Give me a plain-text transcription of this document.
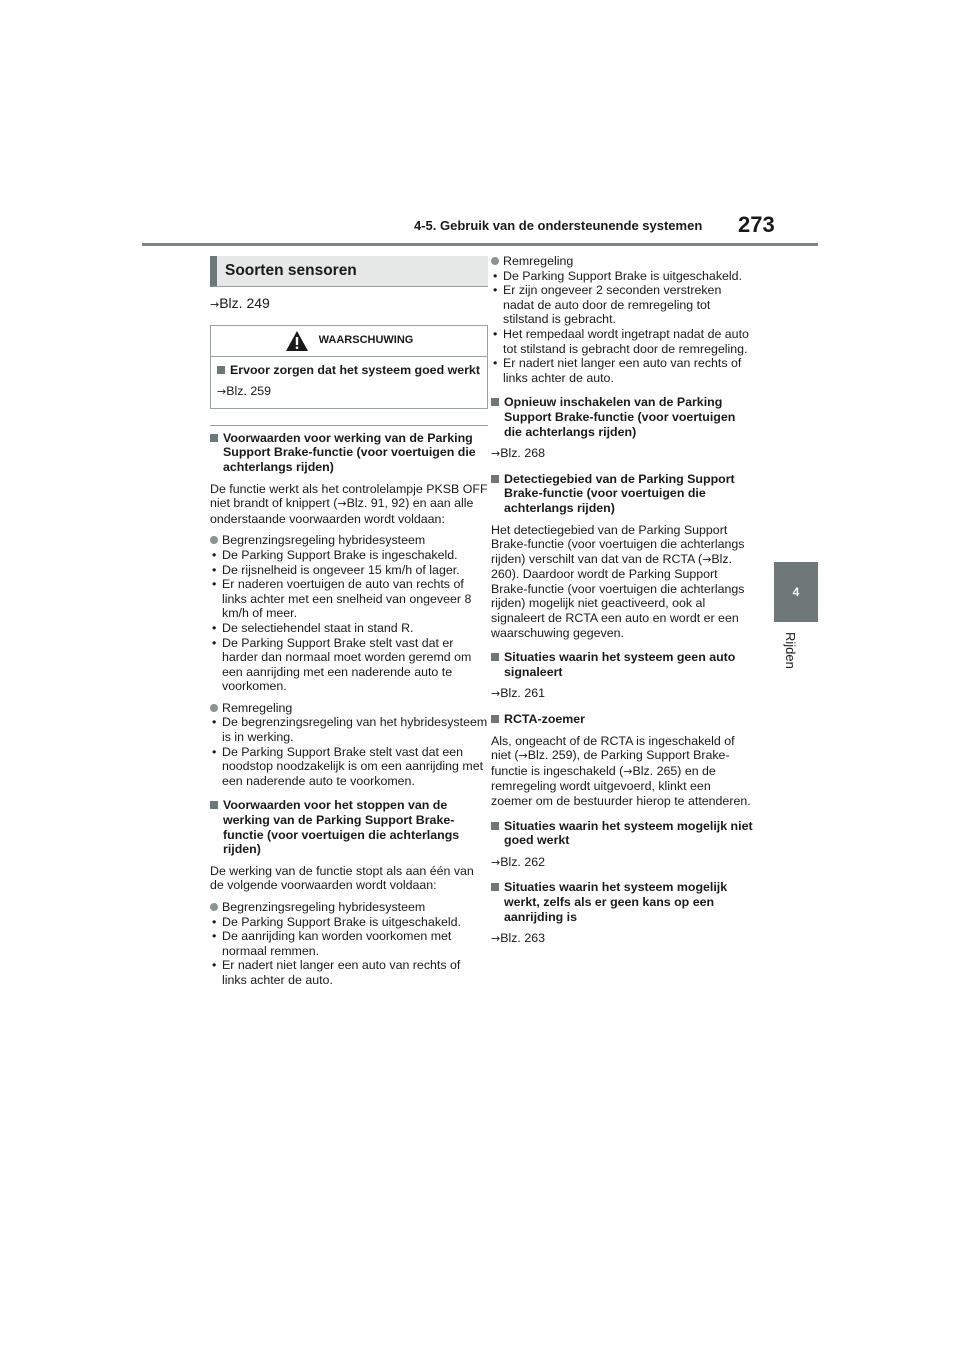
4-5. Gebruik van de ondersteunende systemen 273
4
Rijden
Soorten sensoren

→Blz. 249

WAARSCHUWING

Ervoor zorgen dat het systeem goed werkt

→Blz. 259

Voorwaarden voor werking van de Parking Support Brake-functie (voor voertuigen die achterlangs rijden)

De functie werkt als het controlelampje PKSB OFF niet brandt of knippert (→Blz. 91, 92) en aan alle onderstaande voorwaarden wordt voldaan:

Begrenzingsregeling hybridesysteem

• De Parking Support Brake is ingeschakeld.
• De rijsnelheid is ongeveer 15 km/h of lager.
• Er naderen voertuigen de auto van rechts of links achter met een snelheid van ongeveer 8 km/h of meer.
• De selectiehendel staat in stand R.
• De Parking Support Brake stelt vast dat er harder dan normaal moet worden geremd om een aanrijding met een naderende auto te voorkomen.

Remregeling

• De begrenzingsregeling van het hybridesysteem is in werking.
• De Parking Support Brake stelt vast dat een noodstop noodzakelijk is om een aanrijding met een naderende auto te voorkomen.

Voorwaarden voor het stoppen van de werking van de Parking Support Brake-functie (voor voertuigen die achterlangs rijden)

De werking van de functie stopt als aan één van de volgende voorwaarden wordt voldaan:

Begrenzingsregeling hybridesysteem

• De Parking Support Brake is uitgeschakeld.
• De aanrijding kan worden voorkomen met normaal remmen.
• Er nadert niet langer een auto van rechts of links achter de auto.

Remregeling

• De Parking Support Brake is uitgeschakeld.
• Er zijn ongeveer 2 seconden verstreken nadat de auto door de remregeling tot stilstand is gebracht.
• Het rempedaal wordt ingetrapt nadat de auto tot stilstand is gebracht door de remregeling.
• Er nadert niet langer een auto van rechts of links achter de auto.

Opnieuw inschakelen van de Parking Support Brake-functie (voor voertuigen die achterlangs rijden)

→Blz. 268

Detectiegebied van de Parking Support Brake-functie (voor voertuigen die achterlangs rijden)

Het detectiegebied van de Parking Support Brake-functie (voor voertuigen die achterlangs rijden) verschilt van dat van de RCTA (→Blz. 260). Daardoor wordt de Parking Support Brake-functie (voor voertuigen die achterlangs rijden) mogelijk niet geactiveerd, ook al signaleert de RCTA een auto en wordt er een waarschuwing gegeven.

Situaties waarin het systeem geen auto signaleert

→Blz. 261

RCTA-zoemer

Als, ongeacht of de RCTA is ingeschakeld of niet (→Blz. 259), de Parking Support Brake-functie is ingeschakeld (→Blz. 265) en de remregeling wordt uitgevoerd, klinkt een zoemer om de bestuurder hierop te attenderen.

Situaties waarin het systeem mogelijk niet goed werkt

→Blz. 262

Situaties waarin het systeem mogelijk werkt, zelfs als er geen kans op een aanrijding is

→Blz. 263
